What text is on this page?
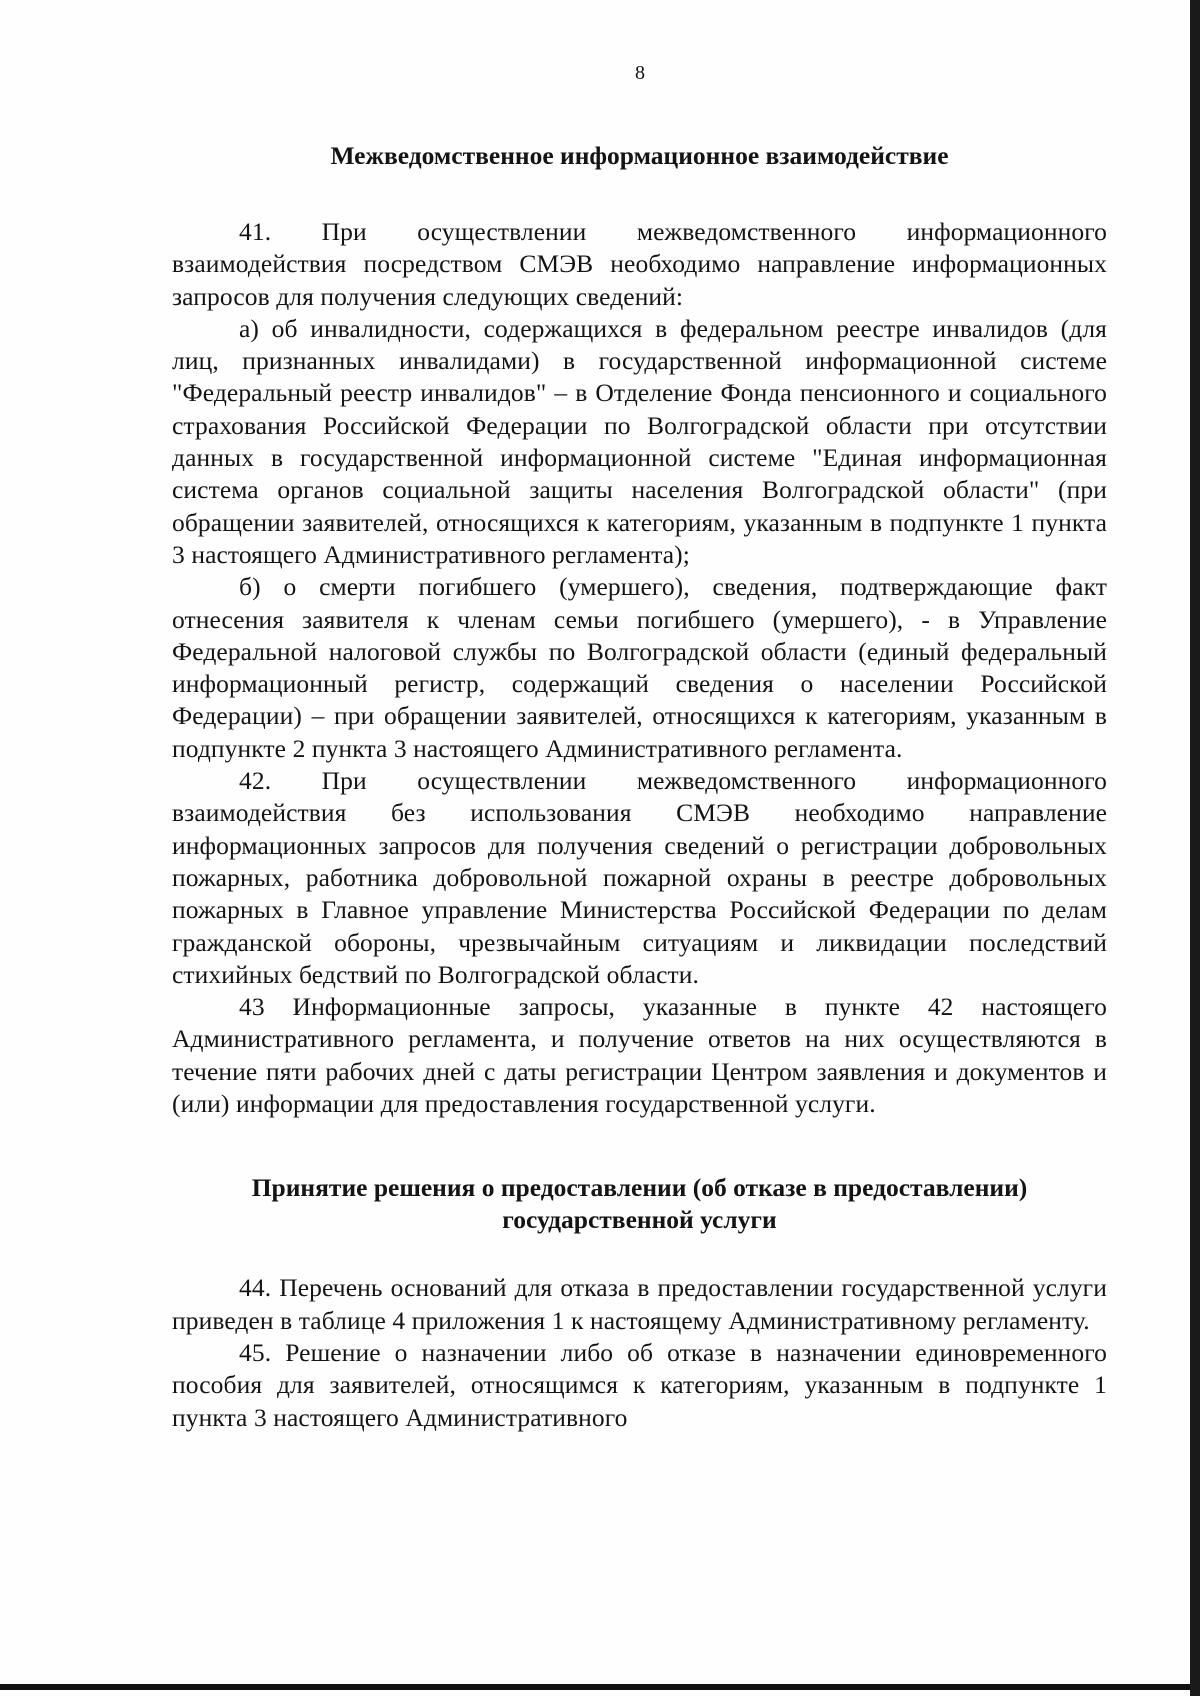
8
Межведомственное информационное взаимодействие

41. При осуществлении межведомственного информационного взаимодействия посредством СМЭВ необходимо направление информационных запросов для получения следующих сведений:

а) об инвалидности, содержащихся в федеральном реестре инвалидов (для лиц, признанных инвалидами) в государственной информационной системе "Федеральный реестр инвалидов" – в Отделение Фонда пенсионного и социального страхования Российской Федерации по Волгоградской области при отсутствии данных в государственной информационной системе "Единая информационная система органов социальной защиты населения Волгоградской области" (при обращении заявителей, относящихся к категориям, указанным в подпункте 1 пункта 3 настоящего Административного регламента);

б) о смерти погибшего (умершего), сведения, подтверждающие факт отнесения заявителя к членам семьи погибшего (умершего), - в Управление Федеральной налоговой службы по Волгоградской области (единый федеральный информационный регистр, содержащий сведения о населении Российской Федерации) – при обращении заявителей, относящихся к категориям, указанным в подпункте 2 пункта 3 настоящего Административного регламента.

42. При осуществлении межведомственного информационного взаимодействия без использования СМЭВ необходимо направление информационных запросов для получения сведений о регистрации добровольных пожарных, работника добровольной пожарной охраны в реестре добровольных пожарных в Главное управление Министерства Российской Федерации по делам гражданской обороны, чрезвычайным ситуациям и ликвидации последствий стихийных бедствий по Волгоградской области.

43 Информационные запросы, указанные в пункте 42 настоящего Административного регламента, и получение ответов на них осуществляются в течение пяти рабочих дней с даты регистрации Центром заявления и документов и (или) информации для предоставления государственной услуги.

Принятие решения о предоставлении (об отказе в предоставлении) государственной услуги

44. Перечень оснований для отказа в предоставлении государственной услуги приведен в таблице 4 приложения 1 к настоящему Административному регламенту.

45. Решение о назначении либо об отказе в назначении единовременного пособия для заявителей, относящимся к категориям, указанным в подпункте 1 пункта 3 настоящего Административного
